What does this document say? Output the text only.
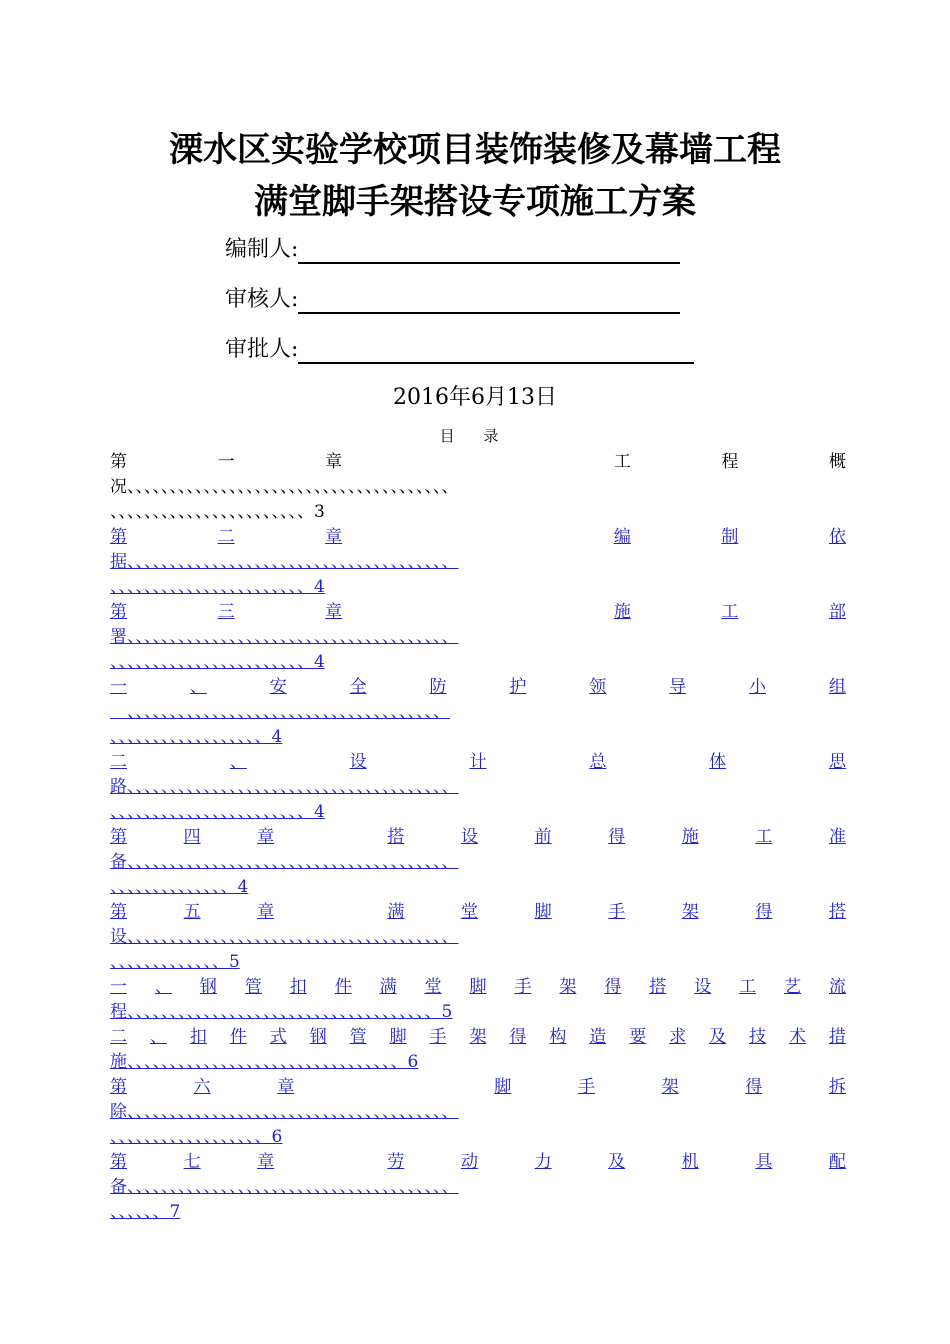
溧水区实验学校项目装饰装修及幕墙工程
满堂脚手架搭设专项施工方案
编制人:
审核人:
审批人:
2016年6月13日
目 录
第	一	章	工	程	概
况、、、、、、、、、、、、、、、、、、、、、、、、、、、、、、、、、、、、、、
、、、、、、、、、、、、、、、、、、、、、、、3
第	二	章	编	制	依
据、、、、、、、、、、、、、、、、、、、、、、、、、、、、、、、、、、、、、、
、、、、、、、、、、、、、、、、、、、、、、、4
第	三	章	施	工	部
署、、、、、、、、、、、、、、、、、、、、、、、、、、、、、、、、、、、、、、
、、、、、、、、、、、、、、、、、、、、、、、4
一	、	安	全	防	护	领	导	小	组
　、、、、、、、、、、、、、、、、、、、、、、、、、、、、、、、、、、、、、
、、、、、、、、、、、、、、、、、、4
二	、	设	计	总	体	思
路、、、、、、、、、、、、、、、、、、、、、、、、、、、、、、、、、、、、、、
、、、、、、、、、、、、、、、、、、、、、、、4
第	四	章	搭	设	前	得	施	工	准
备、、、、、、、、、、、、、、、、、、、、、、、、、、、、、、、、、、、、、、
、、、、、、、、、、、、、、4
第	五	章	满	堂	脚	手	架	得	搭
设、、、、、、、、、、、、、、、、、、、、、、、、、、、、、、、、、、、、、、
、、、、、、、、、、、、、5
一 、 钢 管 扣 件 满 堂 脚 手 架 得 搭 设 工 艺 流
程、、、、、、、、、、、、、、、、、、、、、、、、、、、、、、、、、、、、5
二 、 扣 件 式 钢 管 脚 手 架 得 构 造 要 求 及 技 术 措
施、、、、、、、、、、、、、、、、、、、、、、、、、、、、、、、、6
第	六	章	脚	手	架	得	拆
除、、、、、、、、、、、、、、、、、、、、、、、、、、、、、、、、、、、、、、
、、、、、、、、、、、、、、、、、、6
第	七	章	劳	动	力	及	机	具	配
备、、、、、、、、、、、、、、、、、、、、、、、、、、、、、、、、、、、、、、
、、、、、、7
